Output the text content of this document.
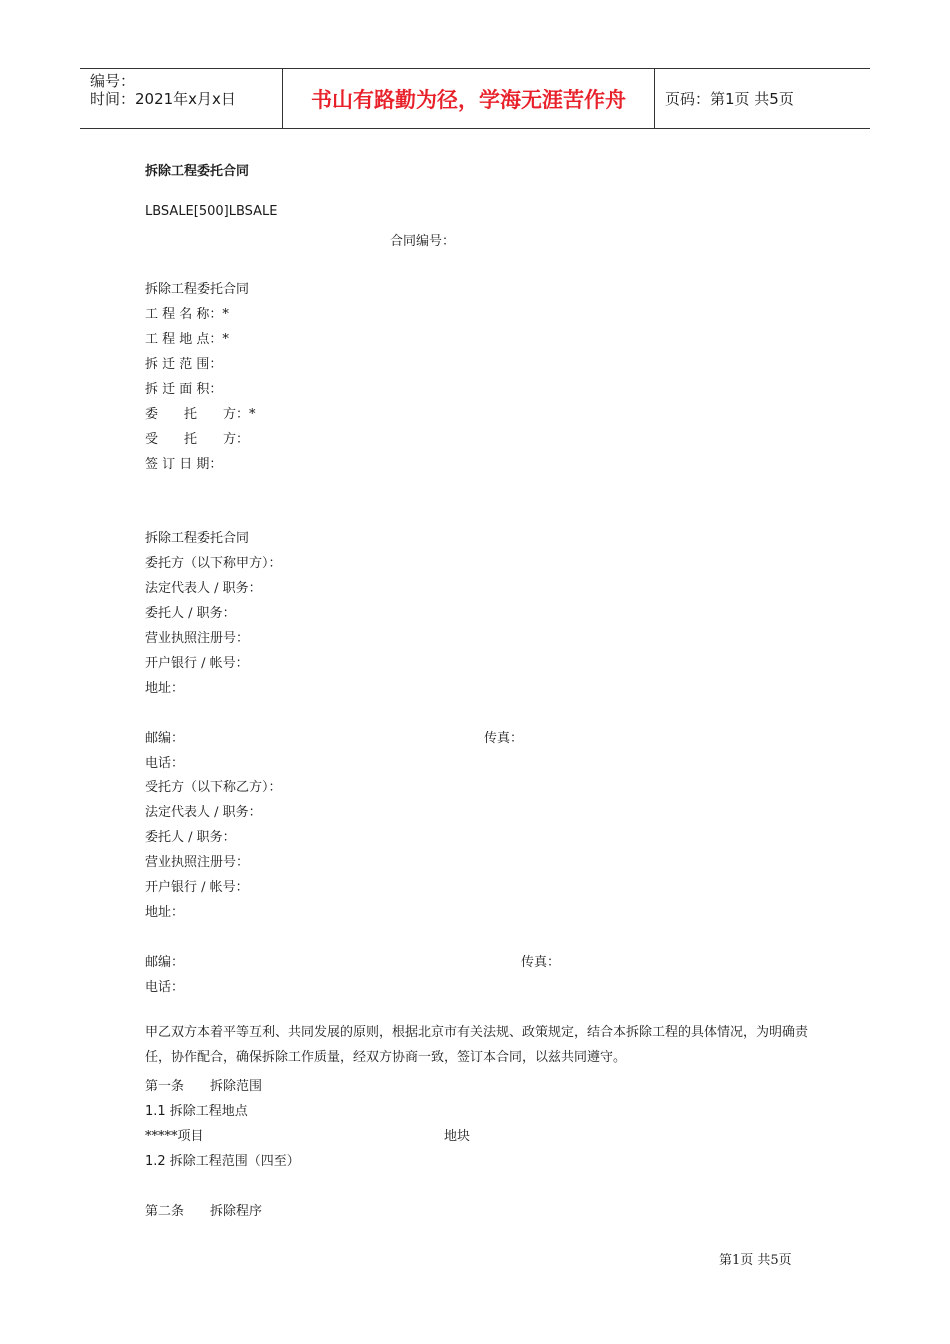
编号：
时间：2021年x月x日	书山有路勤为径，学海无涯苦作舟	页码：第1页 共5页
拆除工程委托合同
LBSALE[500]LBSALE
合同编号：
拆除工程委托合同
工 程 名 称：*
工 程 地 点：*
拆 迁 范 围：
拆 迁 面 积：
委　　托　　方：*
受　　托　　方：
签 订 日 期：
拆除工程委托合同
委托方（以下称甲方）：
法定代表人 / 职务：
委托人 / 职务：
营业执照注册号：
开户银行 / 帐号：
地址：
邮编：	传真：
电话：
受托方（以下称乙方）：
法定代表人 / 职务：
委托人 / 职务：
营业执照注册号：
开户银行 / 帐号：
地址：
邮编：	传真：
电话：
甲乙双方本着平等互利、共同发展的原则，根据北京市有关法规、政策规定，结合本拆除工程的具体情况，为明确责任，协作配合，确保拆除工作质量，经双方协商一致，签订本合同，以兹共同遵守。
第一条　　拆除范围
1.1 拆除工程地点
*****项目	地块
1.2 拆除工程范围（四至）
第二条　　拆除程序
第1页 共5页
